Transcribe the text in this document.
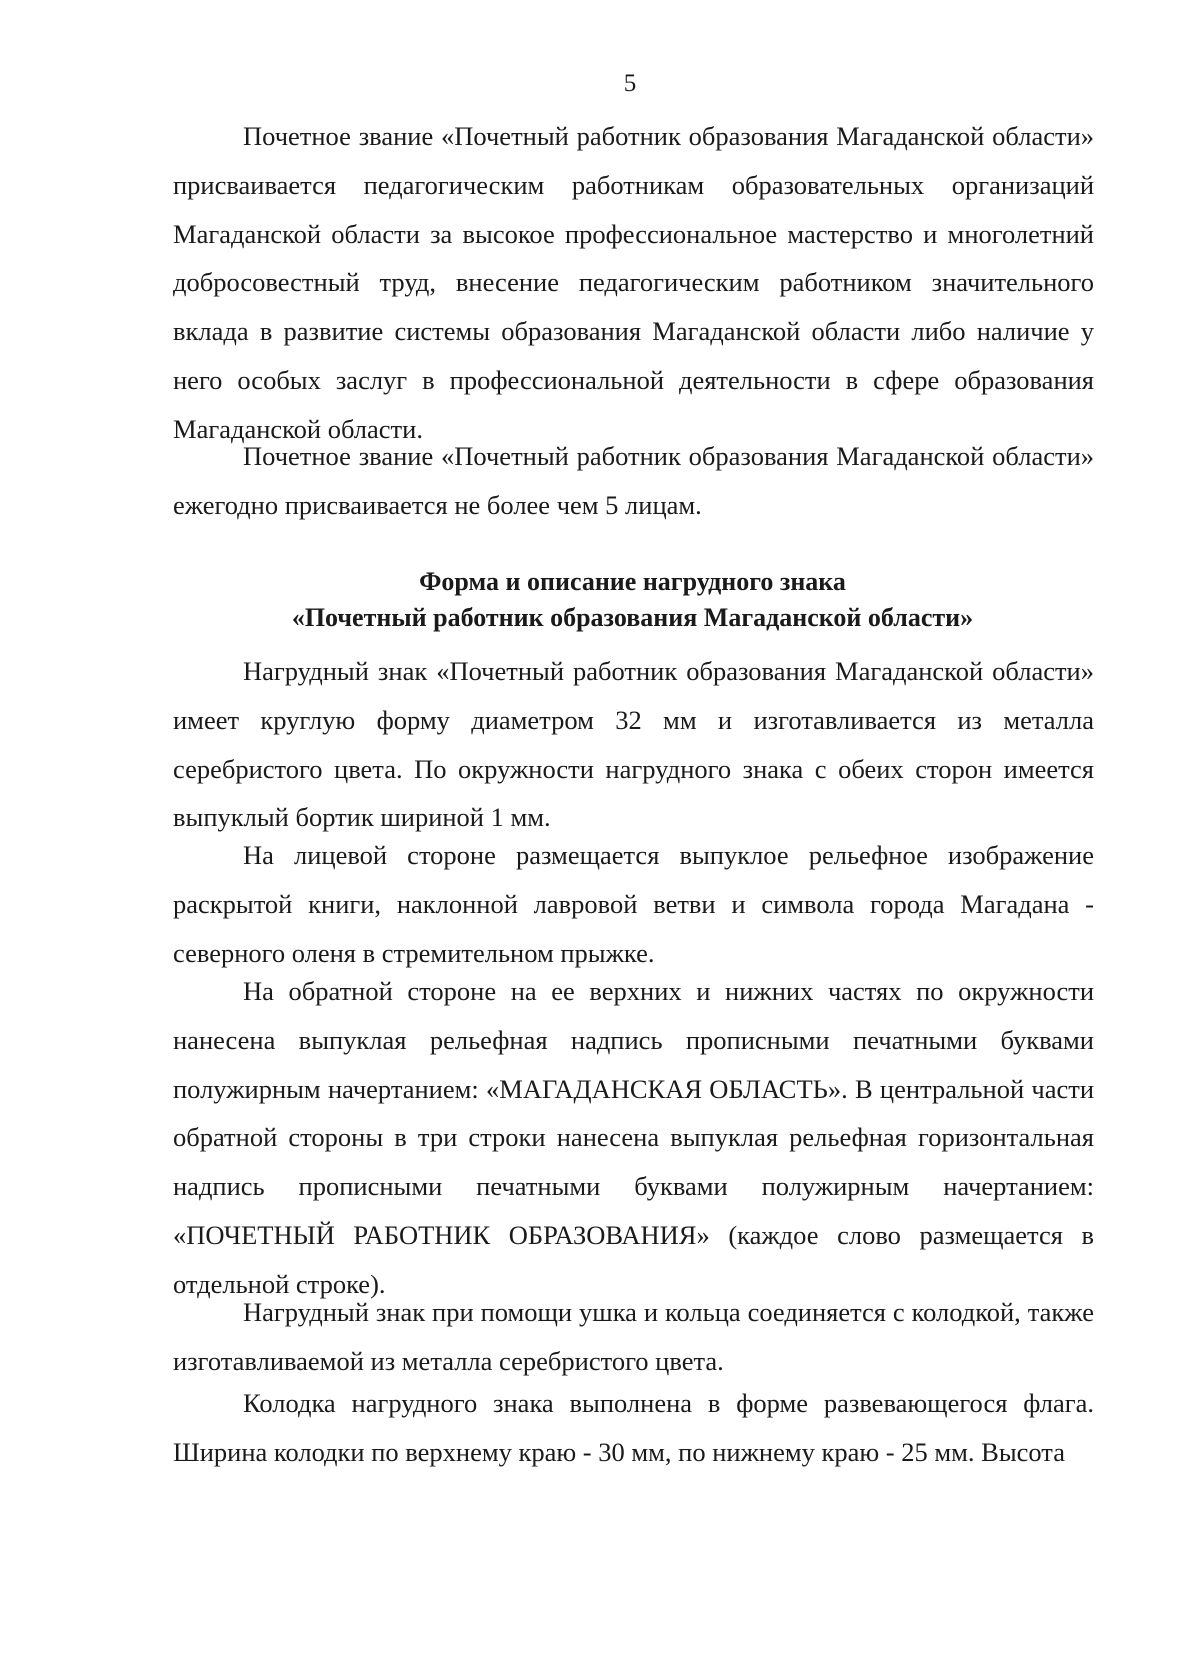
5

Почетное звание «Почетный работник образования Магаданской области» присваивается педагогическим работникам образовательных организаций Магаданской области за высокое профессиональное мастерство и многолетний добросовестный труд, внесение педагогическим работником значительного вклада в развитие системы образования Магаданской области либо наличие у него особых заслуг в профессиональной деятельности в сфере образования Магаданской области.

Почетное звание «Почетный работник образования Магаданской области» ежегодно присваивается не более чем 5 лицам.

Форма и описание нагрудного знака
«Почетный работник образования Магаданской области»

Нагрудный знак «Почетный работник образования Магаданской области» имеет круглую форму диаметром 32 мм и изготавливается из металла серебристого цвета. По окружности нагрудного знака с обеих сторон имеется выпуклый бортик шириной 1 мм.

На лицевой стороне размещается выпуклое рельефное изображение раскрытой книги, наклонной лавровой ветви и символа города Магадана - северного оленя в стремительном прыжке.

На обратной стороне на ее верхних и нижних частях по окружности нанесена выпуклая рельефная надпись прописными печатными буквами полужирным начертанием: «МАГАДАНСКАЯ ОБЛАСТЬ». В центральной части обратной стороны в три строки нанесена выпуклая рельефная горизонтальная надпись прописными печатными буквами полужирным начертанием: «ПОЧЕТНЫЙ РАБОТНИК ОБРАЗОВАНИЯ» (каждое слово размещается в отдельной строке).

Нагрудный знак при помощи ушка и кольца соединяется с колодкой, также изготавливаемой из металла серебристого цвета.

Колодка нагрудного знака выполнена в форме развевающегося флага. Ширина колодки по верхнему краю - 30 мм, по нижнему краю - 25 мм. Высота
